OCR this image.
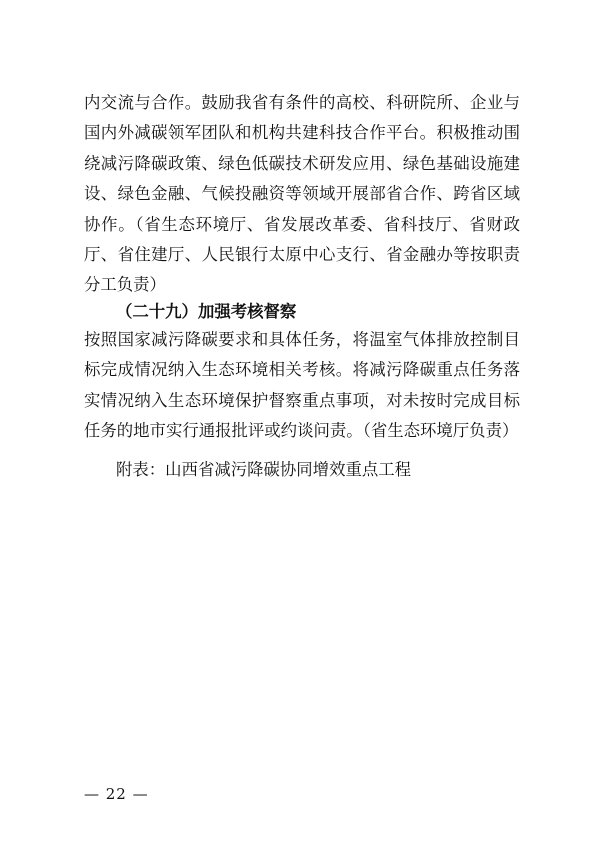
内交流与合作。鼓励我省有条件的高校、科研院所、企业与国内外减碳领军团队和机构共建科技合作平台。积极推动围绕减污降碳政策、绿色低碳技术研发应用、绿色基础设施建设、绿色金融、气候投融资等领域开展部省合作、跨省区域协作。（省生态环境厅、省发展改革委、省科技厅、省财政厅、省住建厅、人民银行太原中心支行、省金融办等按职责分工负责）

（二十九）加强考核督察

按照国家减污降碳要求和具体任务，将温室气体排放控制目标完成情况纳入生态环境相关考核。将减污降碳重点任务落实情况纳入生态环境保护督察重点事项，对未按时完成目标任务的地市实行通报批评或约谈问责。（省生态环境厅负责）

附表：山西省减污降碳协同增效重点工程

— 22 —
